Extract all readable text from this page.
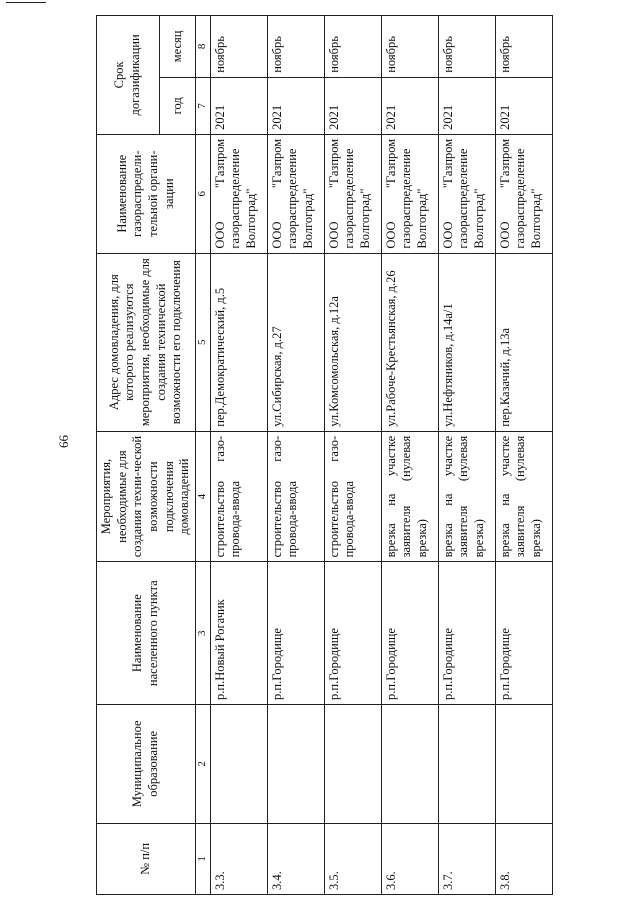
66
№ п/п	Муниципальное образование	Наименование населенного пункта	Мероприятия, необходимые для создания техни-ческой возможности подключения домовладений	Адрес домовладения, для которого реализуются мероприятия, необходимые для создания технической возможности его подключения	Наименование газораспредели-тельной органи-зации	Срок догазификации	
						год	месяц
1	2	3	4	5	6	7	8
3.3.		р.п.Новый Рогачик	строительство газо-провода-ввода	пер.Демократический, д.5	ООО "Газпром газораспределение Волгоград"	2021	ноябрь
3.4.		р.п.Городище	строительство газо-провода-ввода	ул.Сибирская, д.27	ООО "Газпром газораспределение Волгоград"	2021	ноябрь
3.5.		р.п.Городище	строительство газо-провода-ввода	ул.Комсомольская, д.12а	ООО "Газпром газораспределение Волгоград"	2021	ноябрь
3.6.		р.п.Городище	врезка на участке заявителя (нулевая врезка)	ул.Рабоче-Крестьянская, д.26	ООО "Газпром газораспределение Волгоград"	2021	ноябрь
3.7.		р.п.Городище	врезка на участке заявителя (нулевая врезка)	ул.Нефтяников, д.14а/1	ООО "Газпром газораспределение Волгоград"	2021	ноябрь
3.8.		р.п.Городище	врезка на участке заявителя (нулевая врезка)	пер.Казачий, д.13а	ООО "Газпром газораспределение Волгоград"	2021	ноябрь
